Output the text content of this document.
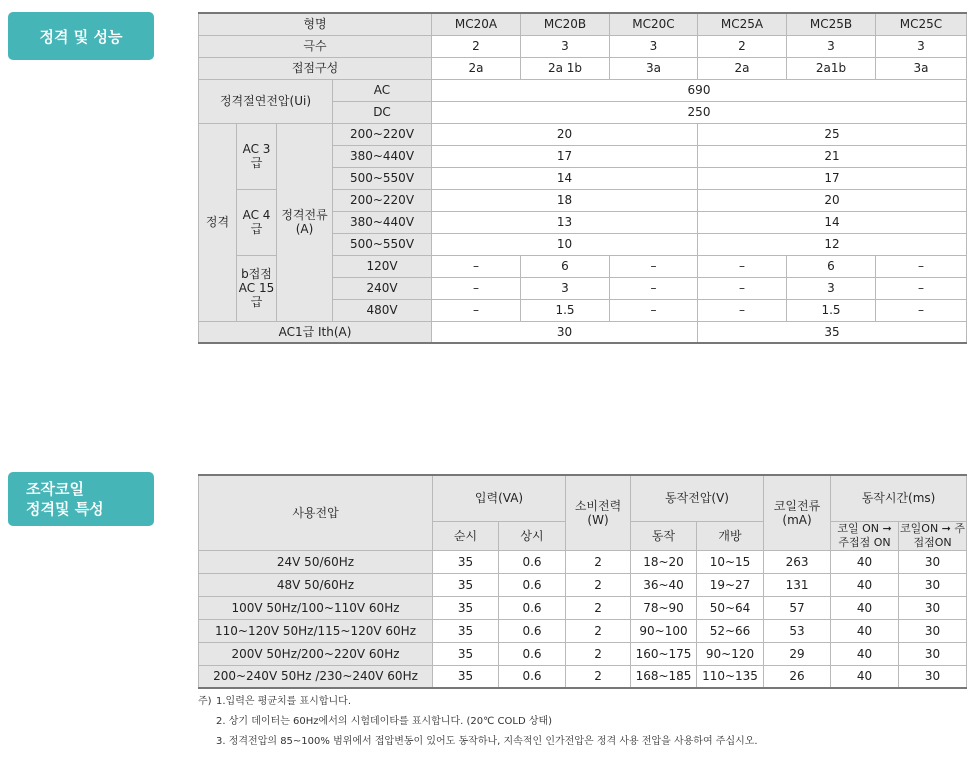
정격 및 성능
형명				MC20A	MC20B	MC20C	MC25A	MC25B	MC25C
극수				2	3	3	2	3	3
접점구성				2a	2a 1b	3a	2a	2a1b	3a
정격절연전압(Ui)			AC	690					
			DC	250					
정격	AC 3급	정격전류 (A)	200~220V	20			25		
			380~440V	17			21		
			500~550V	14			17		
	AC 4급		200~220V	18			20		
			380~440V	13			14		
			500~550V	10			12		
	b접점 AC 15급		120V	–	6	–	–	6	–
			240V	–	3	–	–	3	–
			480V	–	1.5	–	–	1.5	–
AC1급 Ith(A)				30			35		
조작코일
정격및 특성	사용전압	입력(VA)		소비전력 (W)	동작전압(V)		코일전류 (mA)	동작시간(ms)	
	순시	상시		동작	개방		코일 ON ➞ 주접점 ON	코일ON ➞ 주접점ON
24V 50/60Hz	35	0.6	2	18~20	10~15	263	40	30
48V 50/60Hz	35	0.6	2	36~40	19~27	131	40	30
100V 50Hz/100~110V 60Hz	35	0.6	2	78~90	50~64	57	40	30
110~120V 50Hz/115~120V 60Hz	35	0.6	2	90~100	52~66	53	40	30
200V 50Hz/200~220V 60Hz	35	0.6	2	160~175	90~120	29	40	30
200~240V 50Hz /230~240V 60Hz	35	0.6	2	168~185	110~135	26	40	30
주) 1.입력은 평균치를 표시합니다.
2. 상기 데이터는 60Hz에서의 시험데이타를 표시합니다. (20℃ COLD 상태)
3. 정격전압의 85~100% 범위에서 접압변동이 있어도 동작하나, 지속적인 인가전압은 정격 사용 전압을 사용하여 주십시오.
